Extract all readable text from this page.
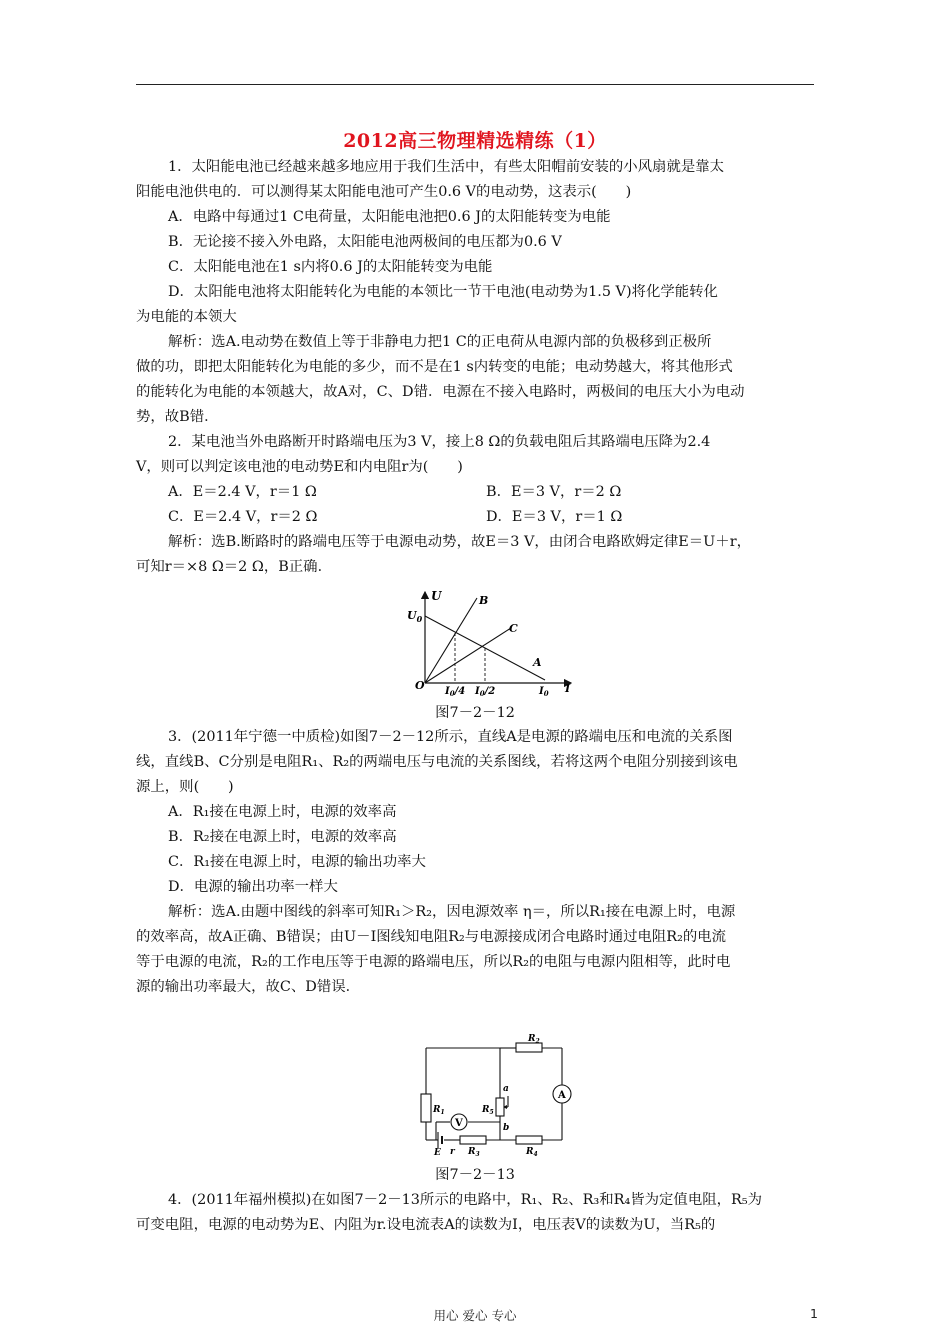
2012高三物理精选精练（1）
1．太阳能电池已经越来越多地应用于我们生活中，有些太阳帽前安装的小风扇就是靠太
阳能电池供电的．可以测得某太阳能电池可产生0.6 V的电动势，这表示(　　)
A．电路中每通过1 C电荷量，太阳能电池把0.6 J的太阳能转变为电能
B．无论接不接入外电路，太阳能电池两极间的电压都为0.6 V
C．太阳能电池在1 s内将0.6 J的太阳能转变为电能
D．太阳能电池将太阳能转化为电能的本领比一节干电池(电动势为1.5 V)将化学能转化
为电能的本领大
解析：选A.电动势在数值上等于非静电力把1 C的正电荷从电源内部的负极移到正极所
做的功，即把太阳能转化为电能的多少，而不是在1 s内转变的电能；电动势越大，将其他形式
的能转化为电能的本领越大，故A对，C、D错．电源在不接入电路时，两极间的电压大小为电动
势，故B错．
2．某电池当外电路断开时路端电压为3 V，接上8 Ω的负载电阻后其路端电压降为2.4
V，则可以判定该电池的电动势E和内电阻r为(　　)
A．E＝2.4 V，r＝1 Ω	B．E＝3 V，r＝2 Ω
C．E＝2.4 V，r＝2 Ω	D．E＝3 V，r＝1 Ω
解析：选B.断路时的路端电压等于电源电动势，故E＝3 V，由闭合电路欧姆定律E＝U＋r，
可知r＝×8 Ω＝2 Ω，B正确．
U
$U_0$
B
C
A
O	I
$I_0/4$ $I_0/2$	$I_0$
图7－2－12
3．(2011年宁德一中质检)如图7－2－12所示，直线A是电源的路端电压和电流的关系图
线，直线B、C分别是电阻R₁、R₂的两端电压与电流的关系图线，若将这两个电阻分别接到该电
源上，则(　　)
A．R₁接在电源上时，电源的效率高
B．R₂接在电源上时，电源的效率高
C．R₁接在电源上时，电源的输出功率大
D．电源的输出功率一样大
解析：选A.由题中图线的斜率可知R₁＞R₂，因电源效率 η＝，所以R₁接在电源上时，电源
的效率高，故A正确、B错误；由U－I图线知电阻R₂与电源接成闭合电路时通过电阻R₂的电流
等于电源的电流，R₂的工作电压等于电源的路端电压，所以R₂的电阻与电源内阻相等，此时电
源的输出功率最大，故C、D错误．
V
A
$R_2$
$R_1$	$R_5$
$R_3$	$R_4$
a
b
E r
图7－2－13
4．(2011年福州模拟)在如图7－2－13所示的电路中，R₁、R₂、R₃和R₄皆为定值电阻，R₅为
可变电阻，电源的电动势为E、内阻为r.设电流表A的读数为I，电压表V的读数为U，当R₅的
用心 爱心 专心	1
